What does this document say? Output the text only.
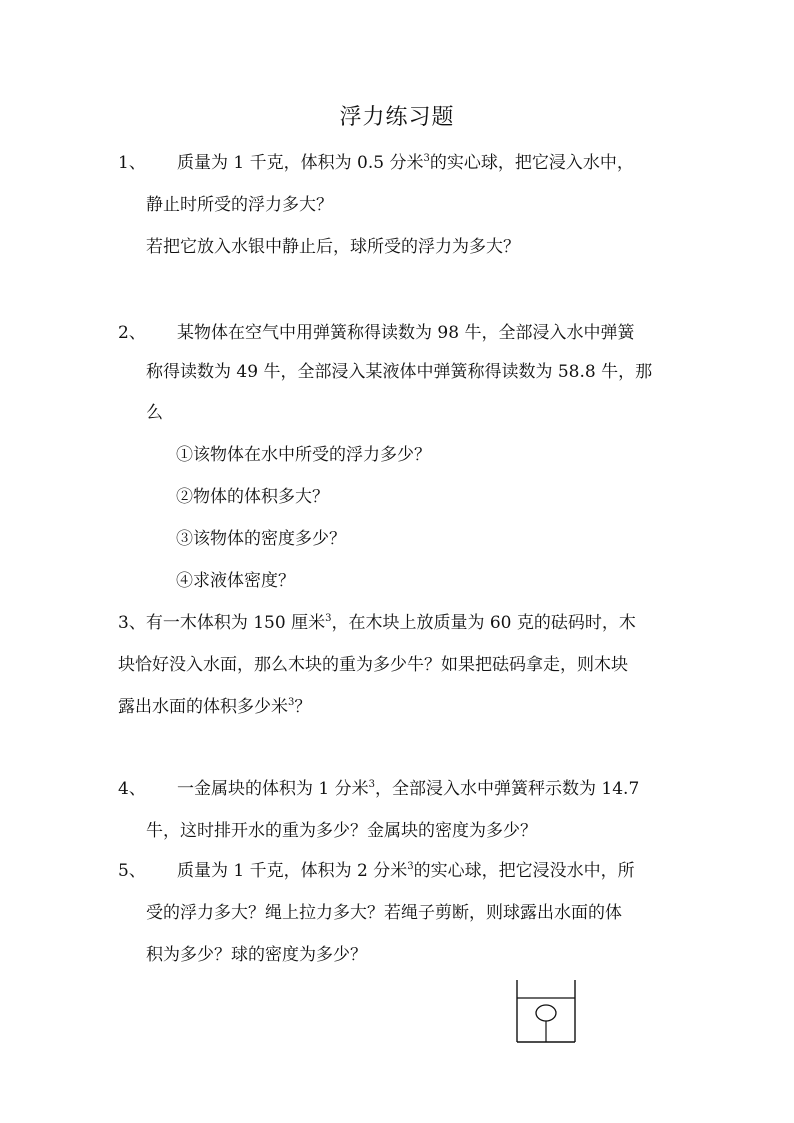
浮力练习题
1、 质量为 1 千克，体积为 0.5 分米$^3$的实心球，把它浸入水中，
静止时所受的浮力多大？
若把它放入水银中静止后，球所受的浮力为多大？
2、 某物体在空气中用弹簧称得读数为 98 牛，全部浸入水中弹簧
称得读数为 49 牛，全部浸入某液体中弹簧称得读数为 58.8 牛，那
么
①该物体在水中所受的浮力多少？
②物体的体积多大？
③该物体的密度多少？
④求液体密度？
3、有一木体积为 150 厘米$^3$，在木块上放质量为 60 克的砝码时，木
块恰好没入水面，那么木块的重为多少牛？如果把砝码拿走，则木块
露出水面的体积多少米$^3$？
4、 一金属块的体积为 1 分米$^3$，全部浸入水中弹簧秤示数为 14.7
牛，这时排开水的重为多少？金属块的密度为多少？
5、 质量为 1 千克，体积为 2 分米$^3$的实心球，把它浸没水中，所
受的浮力多大？绳上拉力多大？若绳子剪断，则球露出水面的体
积为多少？球的密度为多少？
